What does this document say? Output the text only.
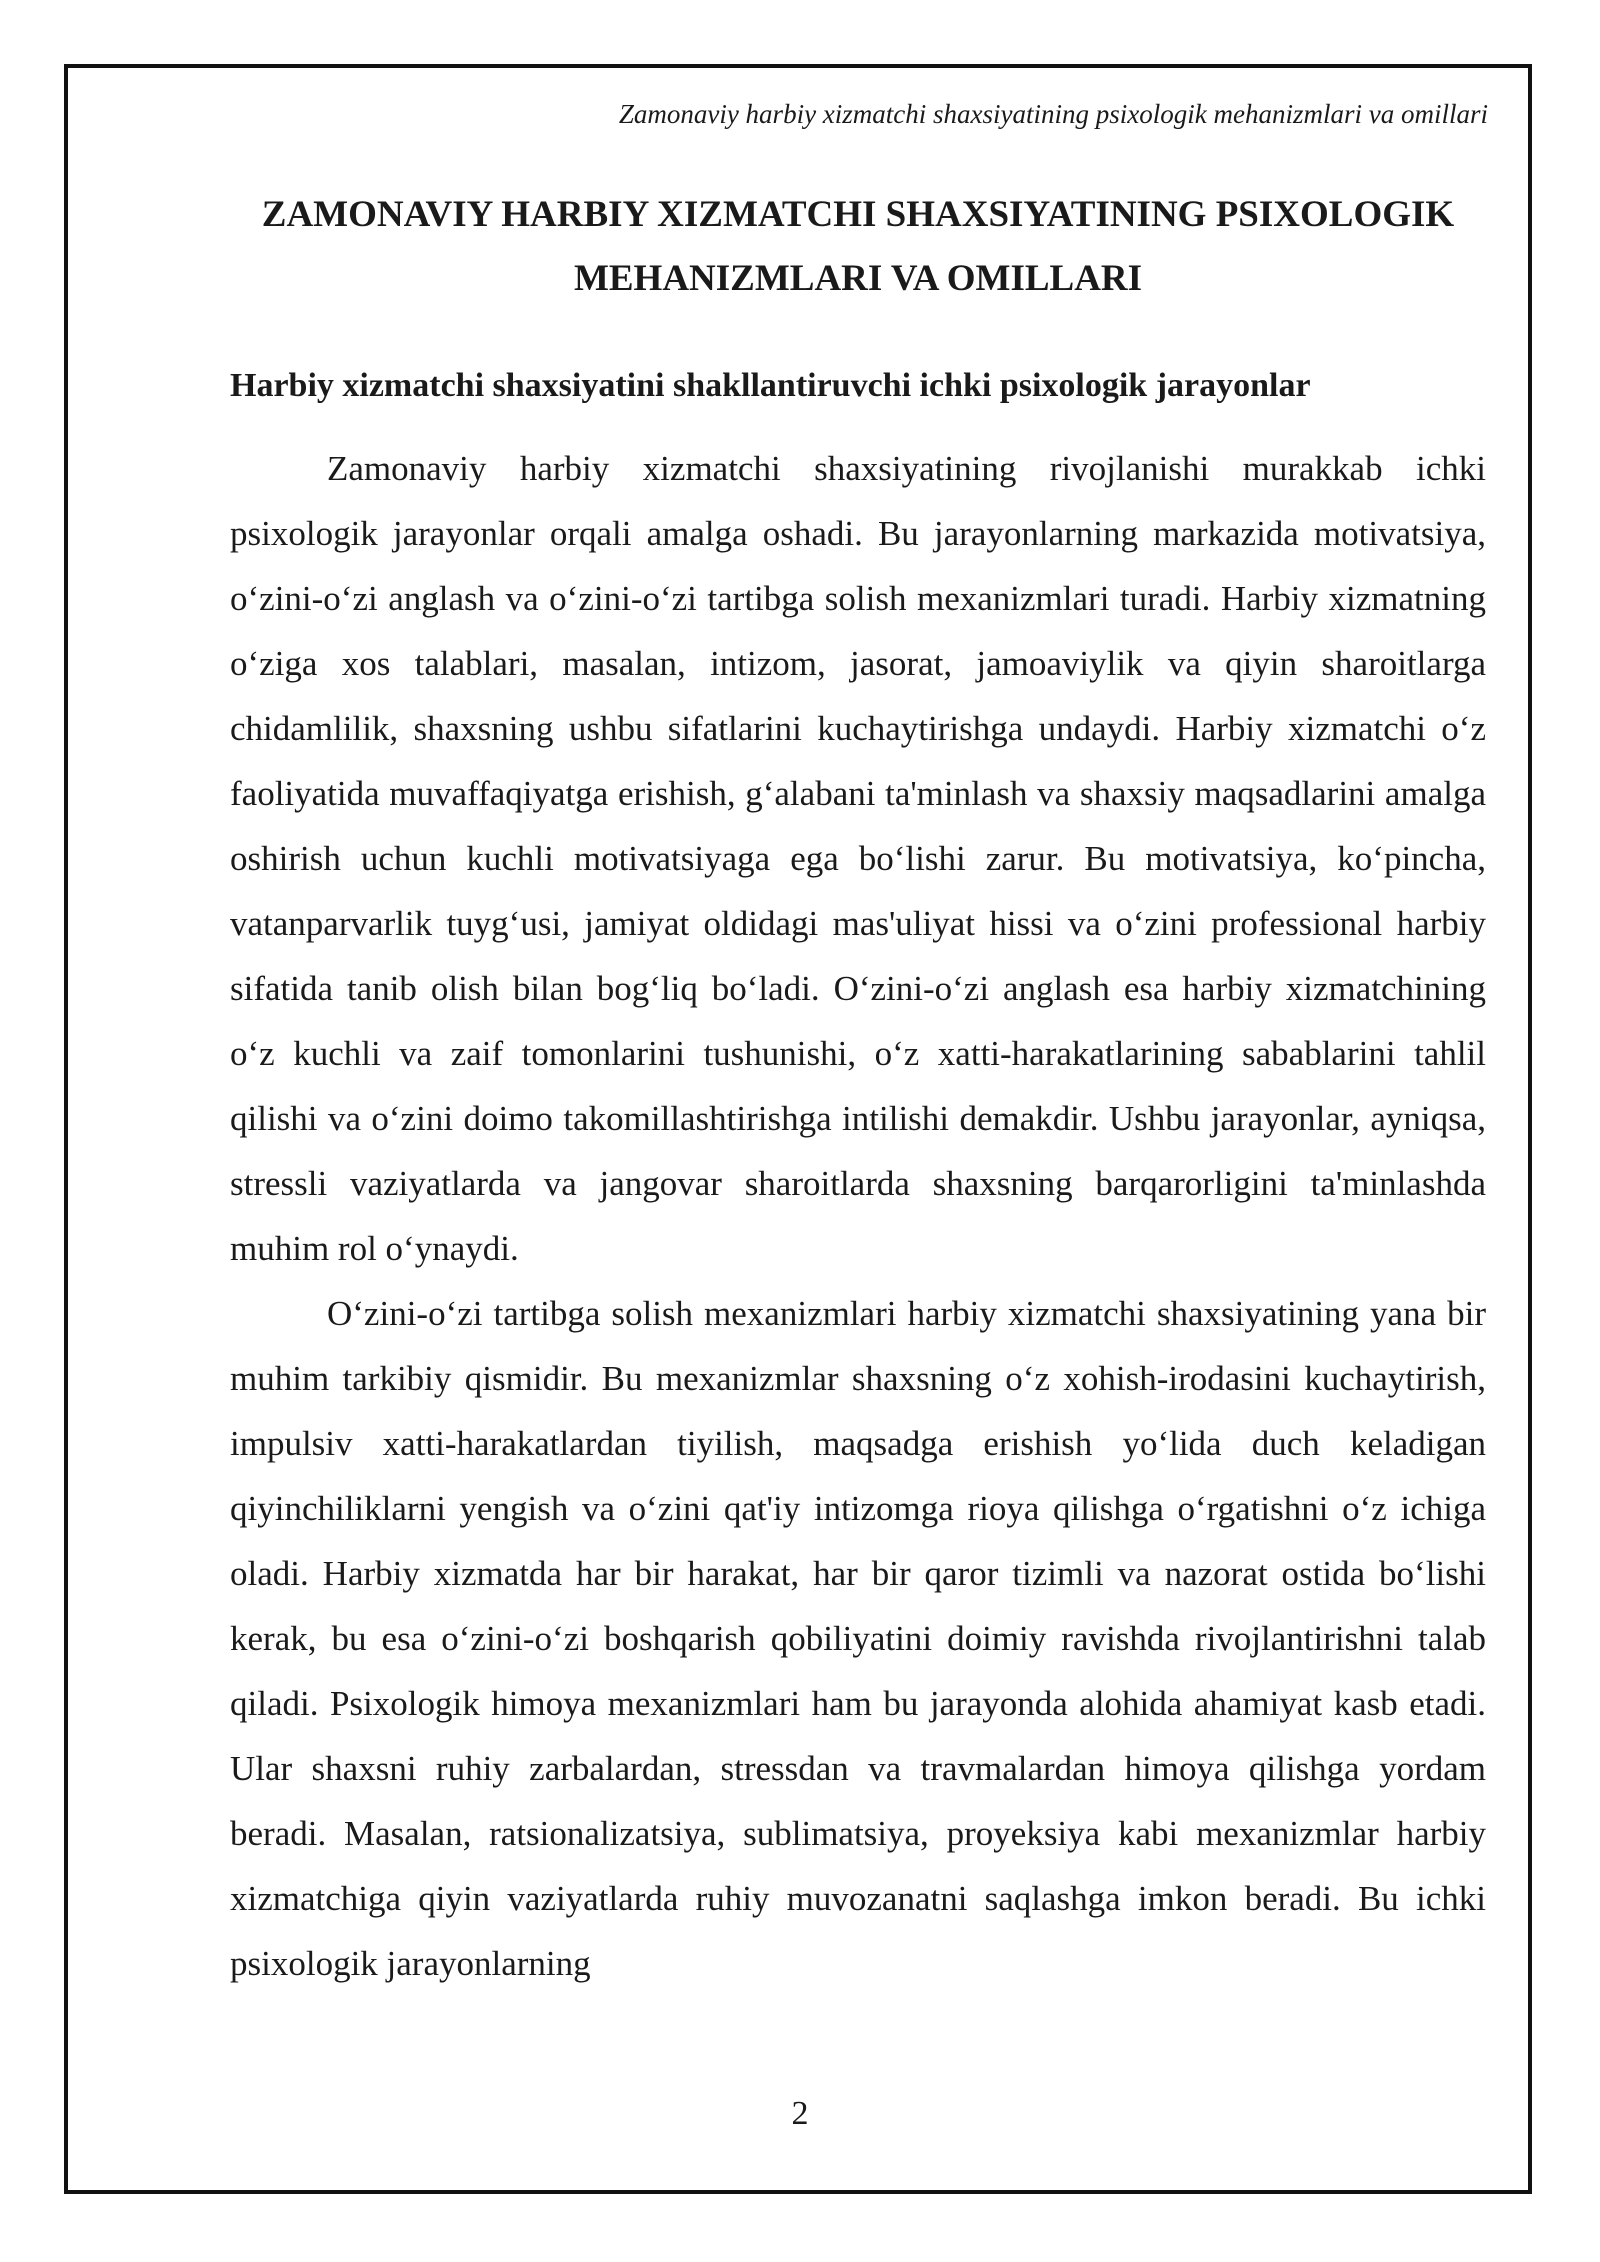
Zamonaviy harbiy xizmatchi shaxsiyatining psixologik mehanizmlari va omillari
ZAMONAVIY HARBIY XIZMATCHI SHAXSIYATINING PSIXOLOGIK
MEHANIZMLARI VA OMILLARI
Harbiy xizmatchi shaxsiyatini shakllantiruvchi ichki psixologik jarayonlar

Zamonaviy harbiy xizmatchi shaxsiyatining rivojlanishi murakkab ichki psixologik jarayonlar orqali amalga oshadi. Bu jarayonlarning markazida motivatsiya, o‘zini-o‘zi anglash va o‘zini-o‘zi tartibga solish mexanizmlari turadi. Harbiy xizmatning o‘ziga xos talablari, masalan, intizom, jasorat, jamoaviylik va qiyin sharoitlarga chidamlilik, shaxsning ushbu sifatlarini kuchaytirishga undaydi. Harbiy xizmatchi o‘z faoliyatida muvaffaqiyatga erishish, g‘alabani ta'minlash va shaxsiy maqsadlarini amalga oshirish uchun kuchli motivatsiyaga ega bo‘lishi zarur. Bu motivatsiya, ko‘pincha, vatanparvarlik tuyg‘usi, jamiyat oldidagi mas'uliyat hissi va o‘zini professional harbiy sifatida tanib olish bilan bog‘liq bo‘ladi. O‘zini-o‘zi anglash esa harbiy xizmatchining o‘z kuchli va zaif tomonlarini tushunishi, o‘z xatti-harakatlarining sabablarini tahlil qilishi va o‘zini doimo takomillashtirishga intilishi demakdir. Ushbu jarayonlar, ayniqsa, stressli vaziyatlarda va jangovar sharoitlarda shaxsning barqarorligini ta'minlashda muhim rol o‘ynaydi.

O‘zini-o‘zi tartibga solish mexanizmlari harbiy xizmatchi shaxsiyatining yana bir muhim tarkibiy qismidir. Bu mexanizmlar shaxsning o‘z xohish-irodasini kuchaytirish, impulsiv xatti-harakatlardan tiyilish, maqsadga erishish yo‘lida duch keladigan qiyinchiliklarni yengish va o‘zini qat'iy intizomga rioya qilishga o‘rgatishni o‘z ichiga oladi. Harbiy xizmatda har bir harakat, har bir qaror tizimli va nazorat ostida bo‘lishi kerak, bu esa o‘zini-o‘zi boshqarish qobiliyatini doimiy ravishda rivojlantirishni talab qiladi. Psixologik himoya mexanizmlari ham bu jarayonda alohida ahamiyat kasb etadi. Ular shaxsni ruhiy zarbalardan, stressdan va travmalardan himoya qilishga yordam beradi. Masalan, ratsionalizatsiya, sublimatsiya, proyeksiya kabi mexanizmlar harbiy xizmatchiga qiyin vaziyatlarda ruhiy muvozanatni saqlashga imkon beradi. Bu ichki psixologik jarayonlarning

2
